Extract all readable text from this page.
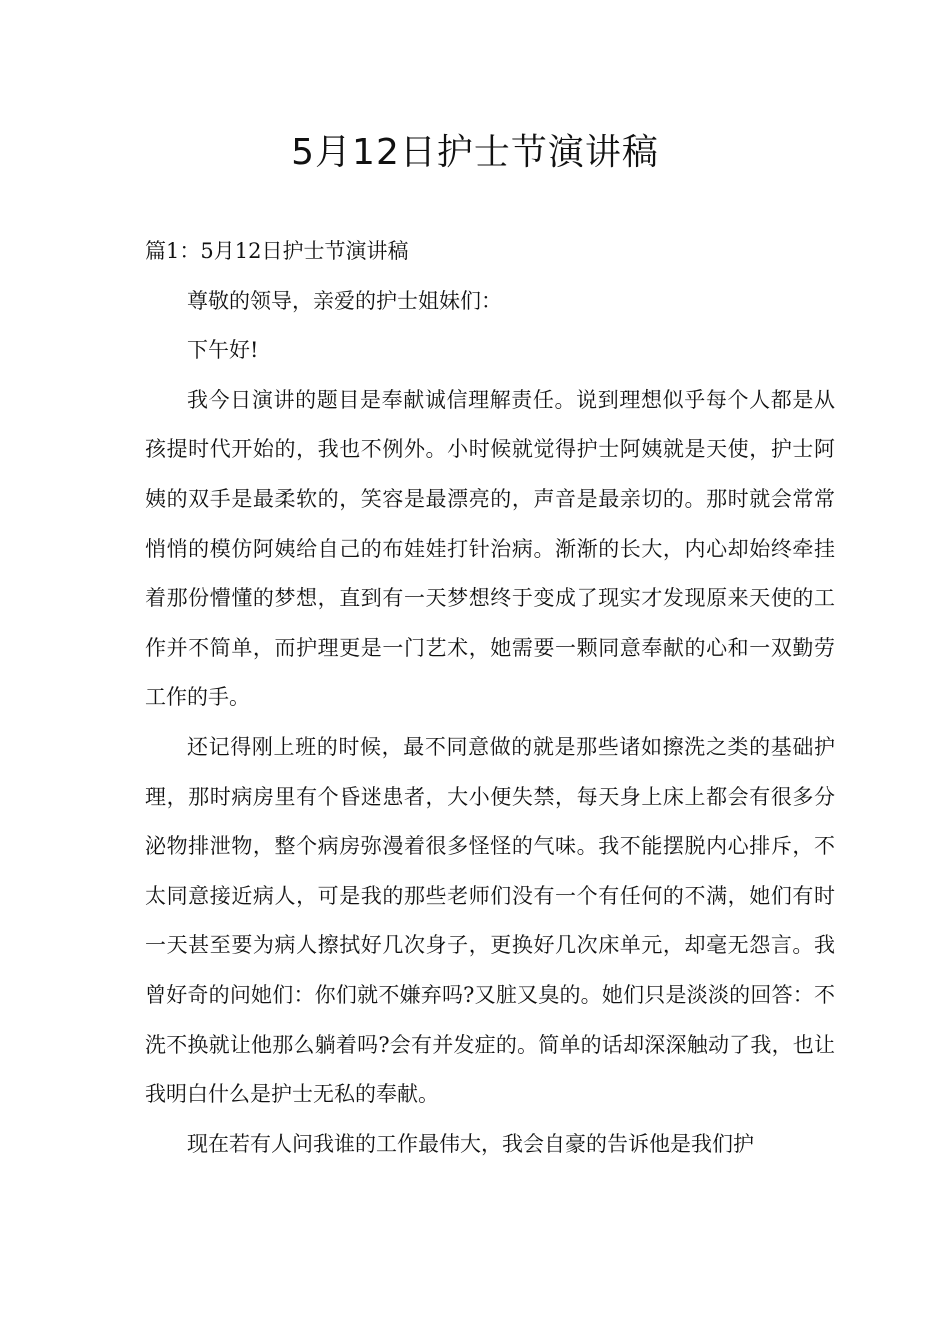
5月12日护士节演讲稿

篇1：5月12日护士节演讲稿

尊敬的领导，亲爱的护士姐妹们：

下午好!

我今日演讲的题目是奉献诚信理解责任。说到理想似乎每个人都是从孩提时代开始的，我也不例外。小时候就觉得护士阿姨就是天使，护士阿姨的双手是最柔软的，笑容是最漂亮的，声音是最亲切的。那时就会常常悄悄的模仿阿姨给自己的布娃娃打针治病。渐渐的长大，内心却始终牵挂着那份懵懂的梦想，直到有一天梦想终于变成了现实才发现原来天使的工作并不简单，而护理更是一门艺术，她需要一颗同意奉献的心和一双勤劳工作的手。

还记得刚上班的时候，最不同意做的就是那些诸如擦洗之类的基础护理，那时病房里有个昏迷患者，大小便失禁，每天身上床上都会有很多分泌物排泄物，整个病房弥漫着很多怪怪的气味。我不能摆脱内心排斥，不太同意接近病人，可是我的那些老师们没有一个有任何的不满，她们有时一天甚至要为病人擦拭好几次身子，更换好几次床单元，却毫无怨言。我曾好奇的问她们：你们就不嫌弃吗?又脏又臭的。她们只是淡淡的回答：不洗不换就让他那么躺着吗?会有并发症的。简单的话却深深触动了我，也让我明白什么是护士无私的奉献。

现在若有人问我谁的工作最伟大，我会自豪的告诉他是我们护
